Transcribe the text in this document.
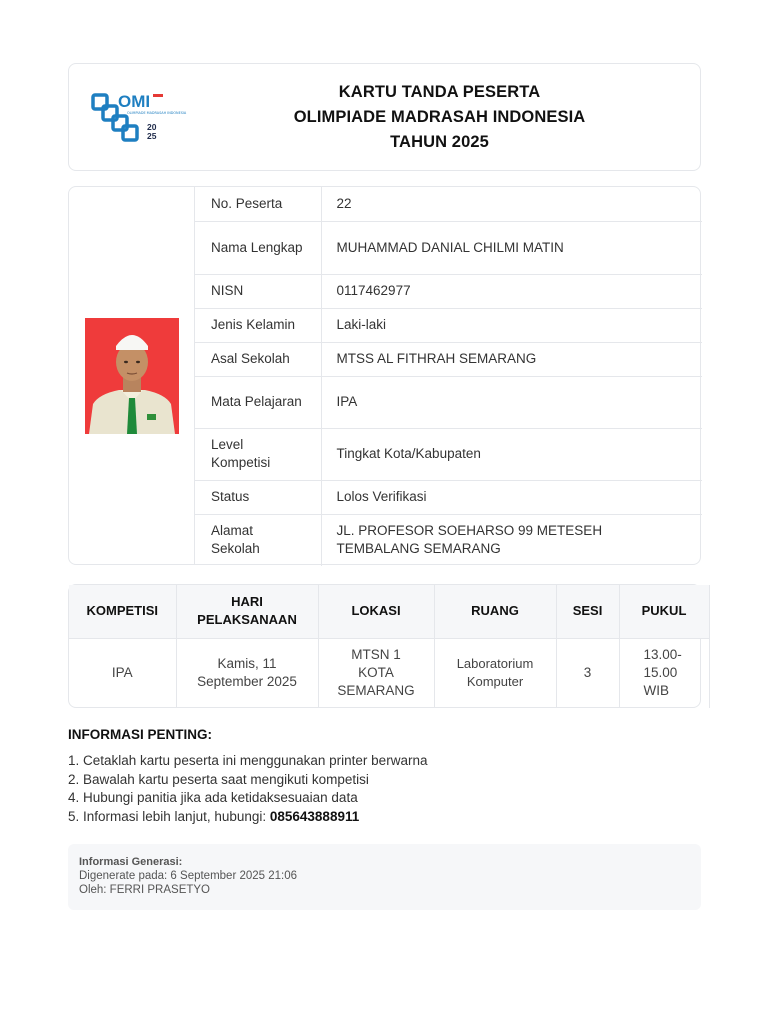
OMI
OLIMPIADE MADRASAH INDONESIA
20
25
KARTU TANDA PESERTA
OLIMPIADE MADRASAH INDONESIA
TAHUN 2025
No. Peserta	22
Nama Lengkap	MUHAMMAD DANIAL CHILMI MATIN
NISN	0117462977
Jenis Kelamin	Laki-laki
Asal Sekolah	MTSS AL FITHRAH SEMARANG
Mata Pelajaran	IPA
Level Kompetisi	Tingkat Kota/Kabupaten
Status	Lolos Verifikasi
Alamat Sekolah	JL. PROFESOR SOEHARSO 99 METESEH TEMBALANG SEMARANG
KOMPETISI	HARI PELAKSANAAN	LOKASI	RUANG	SESI	PUKUL
IPA	Kamis, 11 September 2025	MTSN 1 KOTA SEMARANG	Laboratorium Komputer	3	13.00-15.00 WIB
INFORMASI PENTING:
1. Cetaklah kartu peserta ini menggunakan printer berwarna
2. Bawalah kartu peserta saat mengikuti kompetisi
4. Hubungi panitia jika ada ketidaksesuaian data
5. Informasi lebih lanjut, hubungi: 085643888911
Informasi Generasi:
Digenerate pada: 6 September 2025 21:06
Oleh: FERRI PRASETYO
